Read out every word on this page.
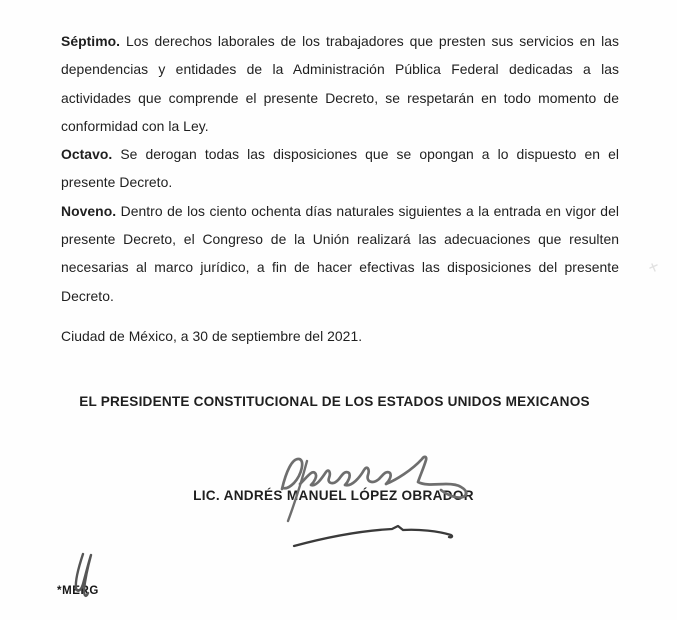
Séptimo. Los derechos laborales de los trabajadores que presten sus servicios en las
dependencias y entidades de la Administración Pública Federal dedicadas a las
actividades que comprende el presente Decreto, se respetarán en todo momento de
conformidad con la Ley.

Octavo. Se derogan todas las disposiciones que se opongan a lo dispuesto en el
presente Decreto.

Noveno. Dentro de los ciento ochenta días naturales siguientes a la entrada en vigor del
presente Decreto, el Congreso de la Unión realizará las adecuaciones que resulten
necesarias al marco jurídico, a fin de hacer efectivas las disposiciones del presente
Decreto.

Ciudad de México, a 30 de septiembre del 2021.
EL PRESIDENTE CONSTITUCIONAL DE LOS ESTADOS UNIDOS MEXICANOS
LIC. ANDRÉS MANUEL LÓPEZ OBRADOR
*MERG
